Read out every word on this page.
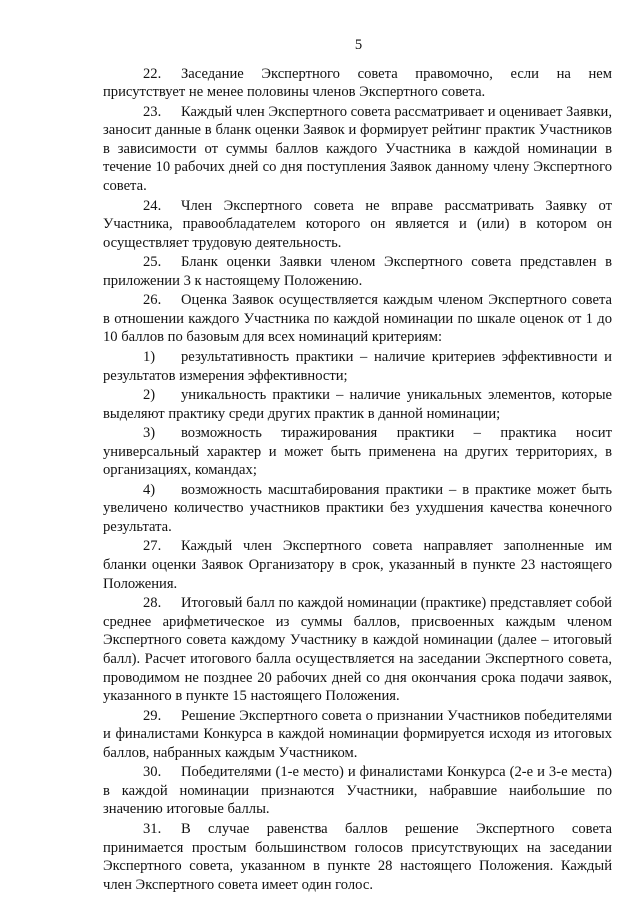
5

22. Заседание Экспертного совета правомочно, если на нем присутствует не менее половины членов Экспертного совета.

23. Каждый член Экспертного совета рассматривает и оценивает Заявки, заносит данные в бланк оценки Заявок и формирует рейтинг практик Участников в зависимости от суммы баллов каждого Участника в каждой номинации в течение 10 рабочих дней со дня поступления Заявок данному члену Экспертного совета.

24. Член Экспертного совета не вправе рассматривать Заявку от Участника, правообладателем которого он является и (или) в котором он осуществляет трудовую деятельность.

25. Бланк оценки Заявки членом Экспертного совета представлен в приложении 3 к настоящему Положению.

26. Оценка Заявок осуществляется каждым членом Экспертного совета в отношении каждого Участника по каждой номинации по шкале оценок от 1 до 10 баллов по базовым для всех номинаций критериям:

1) результативность практики – наличие критериев эффективности и результатов измерения эффективности;

2) уникальность практики – наличие уникальных элементов, которые выделяют практику среди других практик в данной номинации;

3) возможность тиражирования практики – практика носит универсальный характер и может быть применена на других территориях, в организациях, командах;

4) возможность масштабирования практики – в практике может быть увеличено количество участников практики без ухудшения качества конечного результата.

27. Каждый член Экспертного совета направляет заполненные им бланки оценки Заявок Организатору в срок, указанный в пункте 23 настоящего Положения.

28. Итоговый балл по каждой номинации (практике) представляет собой среднее арифметическое из суммы баллов, присвоенных каждым членом Экспертного совета каждому Участнику в каждой номинации (далее – итоговый балл). Расчет итогового балла осуществляется на заседании Экспертного совета, проводимом не позднее 20 рабочих дней со дня окончания срока подачи заявок, указанного в пункте 15 настоящего Положения.

29. Решение Экспертного совета о признании Участников победителями и финалистами Конкурса в каждой номинации формируется исходя из итоговых баллов, набранных каждым Участником.

30. Победителями (1-е место) и финалистами Конкурса (2-е и 3-е места) в каждой номинации признаются Участники, набравшие наибольшие по значению итоговые баллы.

31. В случае равенства баллов решение Экспертного совета принимается простым большинством голосов присутствующих на заседании Экспертного совета, указанном в пункте 28 настоящего Положения. Каждый член Экспертного совета имеет один голос.
